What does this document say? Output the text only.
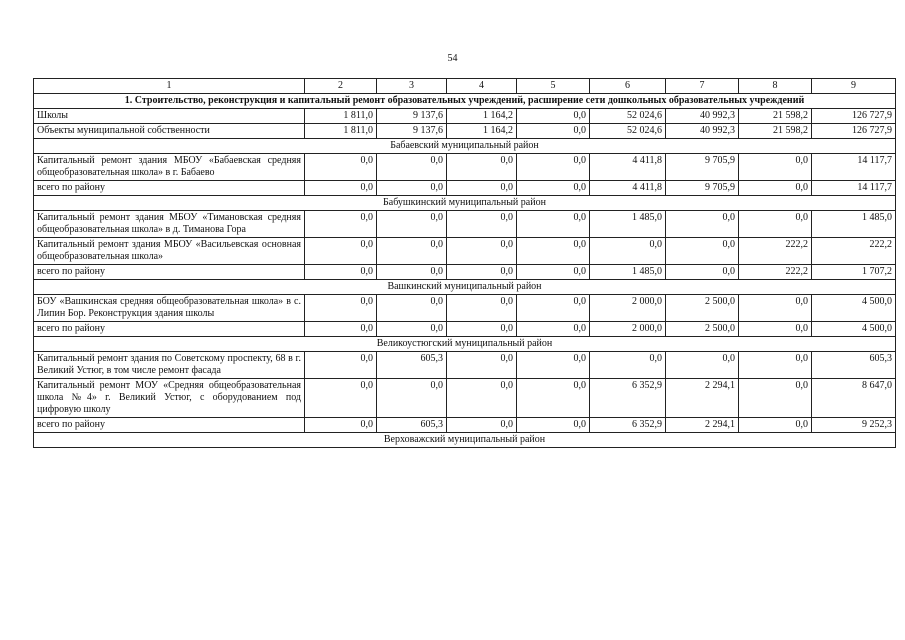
54
1	2	3	4	5	6	7	8	9
1. Строительство, реконструкция и капитальный ремонт образовательных учреждений, расширение сети дошкольных образовательных учреждений								
Школы	1 811,0	9 137,6	1 164,2	0,0	52 024,6	40 992,3	21 598,2	126 727,9
Объекты муниципальной собственности	1 811,0	9 137,6	1 164,2	0,0	52 024,6	40 992,3	21 598,2	126 727,9
Бабаевский муниципальный район								
Капитальный ремонт здания МБОУ «Бабаевская средняя общеобразовательная школа» в г. Бабаево	0,0	0,0	0,0	0,0	4 411,8	9 705,9	0,0	14 117,7
всего по району	0,0	0,0	0,0	0,0	4 411,8	9 705,9	0,0	14 117,7
Бабушкинский муниципальный район								
Капитальный ремонт здания МБОУ «Тимановская средняя общеобразовательная школа» в д. Тиманова Гора	0,0	0,0	0,0	0,0	1 485,0	0,0	0,0	1 485,0
Капитальный ремонт здания МБОУ «Васильевская основная общеобразовательная школа»	0,0	0,0	0,0	0,0	0,0	0,0	222,2	222,2
всего по району	0,0	0,0	0,0	0,0	1 485,0	0,0	222,2	1 707,2
Вашкинский муниципальный район								
БОУ «Вашкинская средняя общеобразовательная школа» в с. Липин Бор. Реконструкция здания школы	0,0	0,0	0,0	0,0	2 000,0	2 500,0	0,0	4 500,0
всего по району	0,0	0,0	0,0	0,0	2 000,0	2 500,0	0,0	4 500,0
Великоустюгский муниципальный район								
Капитальный ремонт здания по Советскому проспекту, 68 в г. Великий Устюг, в том числе ремонт фасада	0,0	605,3	0,0	0,0	0,0	0,0	0,0	605,3
Капитальный ремонт МОУ «Средняя общеобразовательная школа №4» г. Великий Устюг, с оборудованием под цифровую школу	0,0	0,0	0,0	0,0	6 352,9	2 294,1	0,0	8 647,0
всего по району	0,0	605,3	0,0	0,0	6 352,9	2 294,1	0,0	9 252,3
Верховажский муниципальный район								
